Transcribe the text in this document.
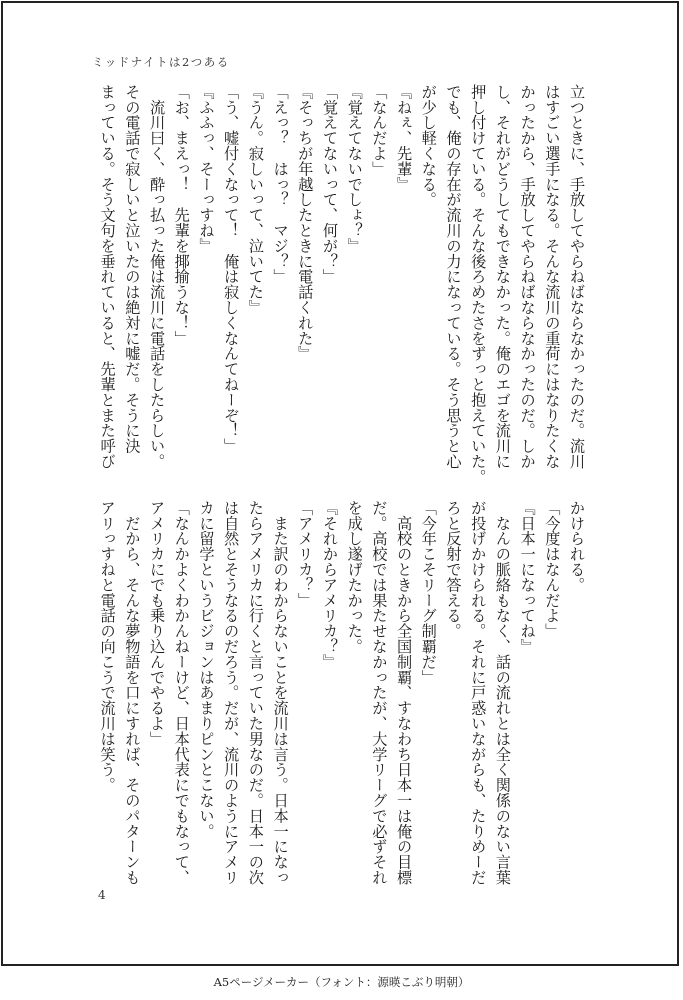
ミッドナイトは2つある
立つときに、手放してやらねばならなかったのだ。流川
はすごい選手になる。そんな流川の重荷にはなりたくな
かったから、手放してやらねばならなかったのだ。しか
し、それがどうしてもできなかった。俺のエゴを流川に
押し付けている。そんな後ろめたさをずっと抱えていた。
でも、俺の存在が流川の力になっている。そう思うと心
が少し軽くなる。
『ねぇ、先輩』
「なんだよ」
『覚えてないでしょ？』
「覚えてないって、何が？」
『そっちが年越したときに電話くれた』
「えっ？　はっ？　マジ？」
『うん。寂しいって、泣いてた』
「う、嘘付くなって！　俺は寂しくなんてねーぞ！」
『ふふっ、そーっすね』
「お、まえっ！　先輩を揶揄うな！」
　流川曰く、酔っ払った俺は流川に電話をしたらしい。
その電話で寂しいと泣いたのは絶対に嘘だ。そうに決
まっている。そう文句を垂れていると、先輩とまた呼び
かけられる。
「今度はなんだよ」
『日本一になってね』
　なんの脈絡もなく、話の流れとは全く関係のない言葉
が投げかけられる。それに戸惑いながらも、たりめーだ
ろと反射で答える。
「今年こそリーグ制覇だ」
　高校のときから全国制覇、すなわち日本一は俺の目標
だ。高校では果たせなかったが、大学リーグで必ずそれ
を成し遂げたかった。
『それからアメリカ？』
「アメリカ？」
　また訳のわからないことを流川は言う。日本一になっ
たらアメリカに行くと言っていた男なのだ。日本一の次
は自然とそうなるのだろう。だが、流川のようにアメリ
カに留学というビジョンはあまりピンとこない。
「なんかよくわかんねーけど、日本代表にでもなって、
アメリカにでも乗り込んでやるよ」
　だから、そんな夢物語を口にすれば、そのパターンも
アリっすねと電話の向こうで流川は笑う。
4
A5ページメーカー（フォント：源暎こぶり明朝）
